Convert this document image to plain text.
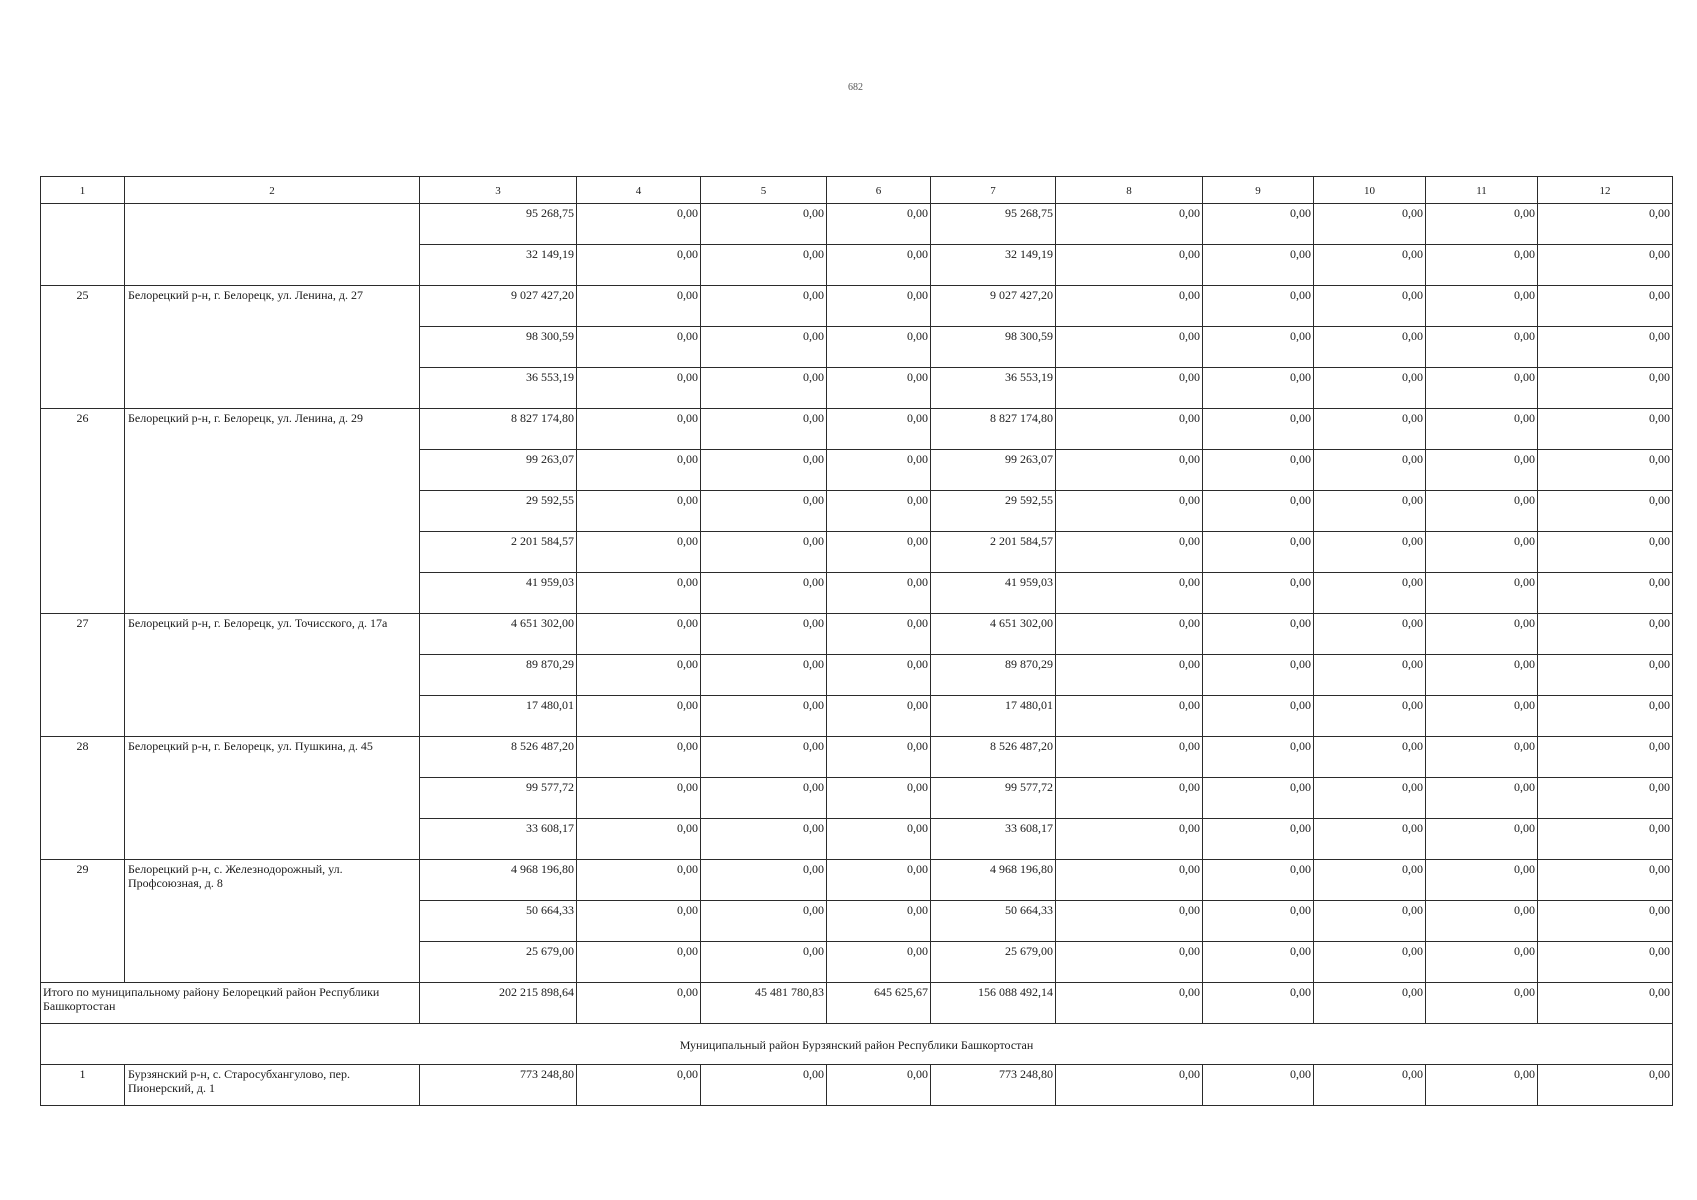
682
1	2	3	4	5	6	7	8	9	10	11	12
		95 268,75	0,00	0,00	0,00	95 268,75	0,00	0,00	0,00	0,00	0,00
		32 149,19	0,00	0,00	0,00	32 149,19	0,00	0,00	0,00	0,00	0,00
25	Белорецкий р-н, г. Белорецк, ул. Ленина, д. 27	9 027 427,20	0,00	0,00	0,00	9 027 427,20	0,00	0,00	0,00	0,00	0,00
		98 300,59	0,00	0,00	0,00	98 300,59	0,00	0,00	0,00	0,00	0,00
		36 553,19	0,00	0,00	0,00	36 553,19	0,00	0,00	0,00	0,00	0,00
26	Белорецкий р-н, г. Белорецк, ул. Ленина, д. 29	8 827 174,80	0,00	0,00	0,00	8 827 174,80	0,00	0,00	0,00	0,00	0,00
		99 263,07	0,00	0,00	0,00	99 263,07	0,00	0,00	0,00	0,00	0,00
		29 592,55	0,00	0,00	0,00	29 592,55	0,00	0,00	0,00	0,00	0,00
		2 201 584,57	0,00	0,00	0,00	2 201 584,57	0,00	0,00	0,00	0,00	0,00
		41 959,03	0,00	0,00	0,00	41 959,03	0,00	0,00	0,00	0,00	0,00
27	Белорецкий р-н, г. Белорецк, ул. Точисского, д. 17а	4 651 302,00	0,00	0,00	0,00	4 651 302,00	0,00	0,00	0,00	0,00	0,00
		89 870,29	0,00	0,00	0,00	89 870,29	0,00	0,00	0,00	0,00	0,00
		17 480,01	0,00	0,00	0,00	17 480,01	0,00	0,00	0,00	0,00	0,00
28	Белорецкий р-н, г. Белорецк, ул. Пушкина, д. 45	8 526 487,20	0,00	0,00	0,00	8 526 487,20	0,00	0,00	0,00	0,00	0,00
		99 577,72	0,00	0,00	0,00	99 577,72	0,00	0,00	0,00	0,00	0,00
		33 608,17	0,00	0,00	0,00	33 608,17	0,00	0,00	0,00	0,00	0,00
29	Белорецкий р-н, с. Железнодорожный, ул. Профсоюзная, д. 8	4 968 196,80	0,00	0,00	0,00	4 968 196,80	0,00	0,00	0,00	0,00	0,00
		50 664,33	0,00	0,00	0,00	50 664,33	0,00	0,00	0,00	0,00	0,00
		25 679,00	0,00	0,00	0,00	25 679,00	0,00	0,00	0,00	0,00	0,00
Итого по муниципальному району Белорецкий район Республики Башкортостан		202 215 898,64	0,00	45 481 780,83	645 625,67	156 088 492,14	0,00	0,00	0,00	0,00	0,00
Муниципальный район Бурзянский район Республики Башкортостан											
1	Бурзянский р-н, с. Старосубхангулово, пер. Пионерский, д. 1	773 248,80	0,00	0,00	0,00	773 248,80	0,00	0,00	0,00	0,00	0,00
